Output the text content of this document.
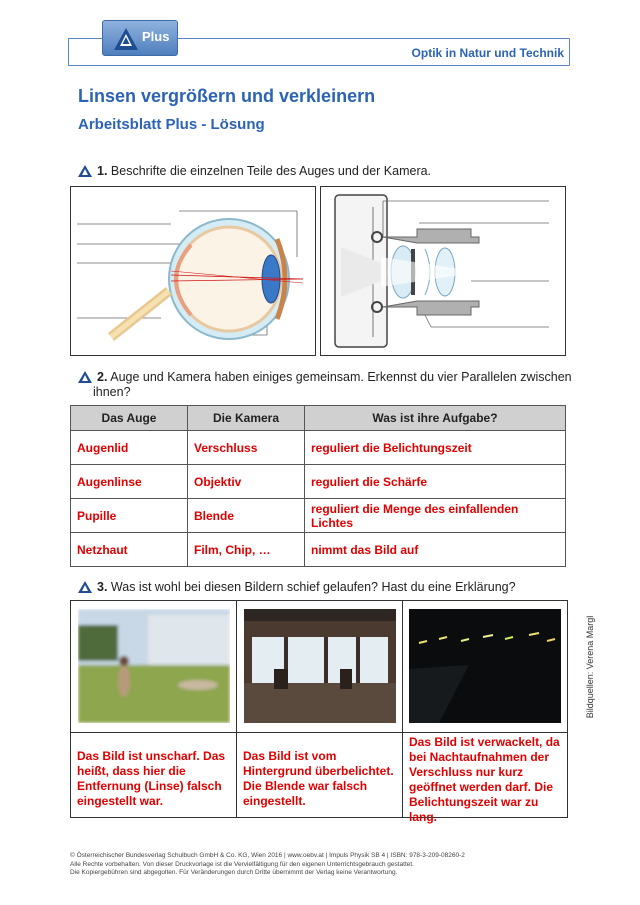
Optik in Natur und Technik
Plus
Linsen vergrößern und verkleinern
Arbeitsblatt Plus - Lösung
1. Beschrifte die einzelnen Teile des Auges und der Kamera.
2. Auge und Kamera haben einiges gemeinsam. Erkennst du vier Parallelen zwischen
ihnen?
Das Auge	Die Kamera	Was ist ihre Aufgabe?
Augenlid	Verschluss	reguliert die Belichtungszeit
Augenlinse	Objektiv	reguliert die Schärfe
Pupille	Blende	reguliert die Menge des einfallenden
Lichtes
Netzhaut	Film, Chip, …	nimmt das Bild auf
3. Was ist wohl bei diesen Bildern schief gelaufen? Hast du eine Erklärung?
Das Bild ist unscharf. Das
heißt, dass hier die
Entfernung (Linse) falsch
eingestellt war.
Das Bild ist vom
Hintergrund überbelichtet.
Die Blende war falsch
eingestellt.
Das Bild ist verwackelt, da
bei Nachtaufnahmen der
Verschluss nur kurz
geöffnet werden darf. Die
Belichtungszeit war zu
lang.
Bildquellen: Verena Margl
© Österreichischer Bundesverlag Schulbuch GmbH & Co. KG, Wien 2016 | www.oebv.at | Impuls Physik SB 4 | ISBN: 978-3-209-08260-2
Alle Rechte vorbehalten. Von dieser Druckvorlage ist die Vervielfältigung für den eigenen Unterrichtsgebrauch gestattet.
Die Kopiergebühren sind abgegolten. Für Veränderungen durch Dritte übernimmt der Verlag keine Verantwortung.
